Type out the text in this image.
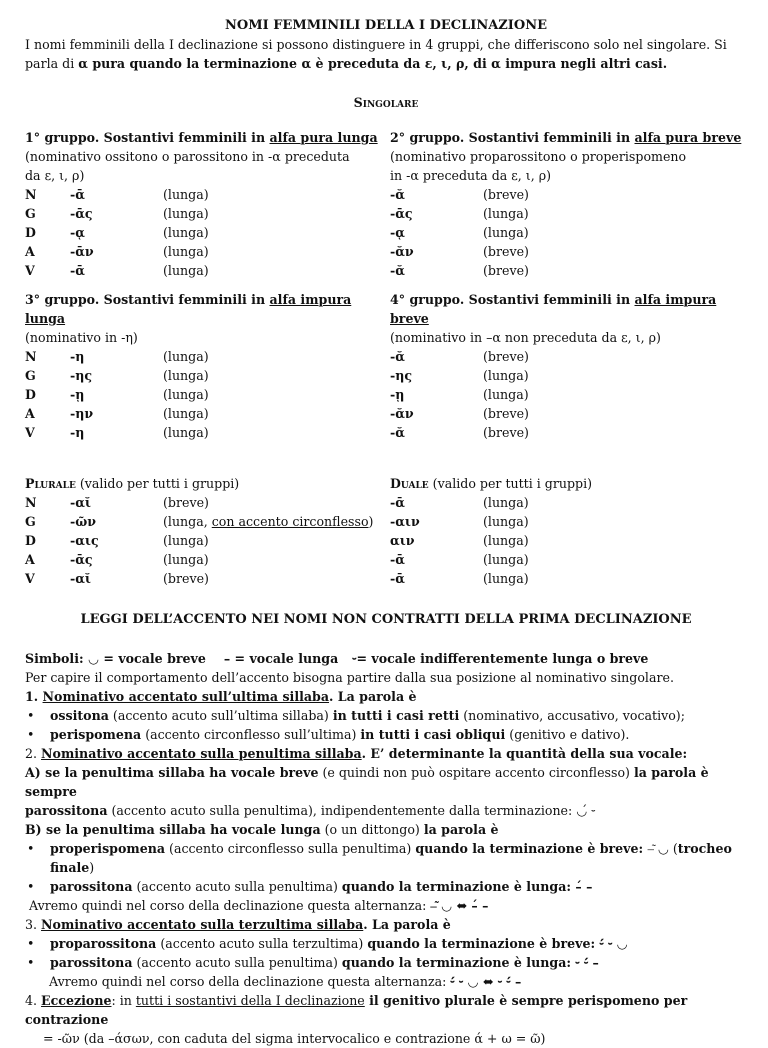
NOMI FEMMINILI DELLA I DECLINAZIONE

I nomi femminili della I declinazione si possono distinguere in 4 gruppi, che differiscono solo nel singolare. Si

parla di α pura quando la terminazione α è preceduta da ε, ι, ρ, di α impura negli altri casi.

Singolare
1° gruppo. Sostantivi femminili in alfa pura lunga
(nominativo ossitono o parossitono in -α preceduta
da ε, ι, ρ)
N	-ᾱ	(lunga)
G	-ᾱς	(lunga)
D	-ᾳ	(lunga)
A	-ᾱν	(lunga)
V	-ᾱ	(lunga)
2° gruppo. Sostantivi femminili in alfa pura breve
(nominativo proparossitono o properispomeno
in -α preceduta da ε, ι, ρ)
-ᾰ	(breve)
-ᾱς	(lunga)
-ᾳ	(lunga)
-ᾰν	(breve)
-ᾰ	(breve)
3° gruppo. Sostantivi femminili in alfa impura lunga
(nominativo in -η)
N	-η	(lunga)
G	-ης	(lunga)
D	-ῃ	(lunga)
A	-ην	(lunga)
V	-η	(lunga)
4° gruppo. Sostantivi femminili in alfa impura breve
(nominativo in –α non preceduta da ε, ι, ρ)
-ᾰ	(breve)
-ης	(lunga)
-ῃ	(lunga)
-ᾰν	(breve)
-ᾰ	(breve)
Plurale (valido per tutti i gruppi)
N	-αῐ	(breve)
G	-ῶν	(lunga, con accento circonflesso)
D	-αις	(lunga)
A	-ᾱς	(lunga)
V	-αῐ	(breve)
Duale (valido per tutti i gruppi)
-ᾱ	(lunga)
-αιν	(lunga)
αιν	(lunga)
-ᾱ	(lunga)
-ᾱ	(lunga)
LEGGI DELL’ACCENTO NEI NOMI NON CONTRATTI DELLA PRIMA DECLINAZIONE
Simboli: ◡ = vocale breve – = vocale lunga ⏑= vocale indifferentemente lunga o breve
Per capire il comportamento dell’accento bisogna partire dalla sua posizione al nominativo singolare.
1. Nominativo accentato sull’ultima sillaba. La parola è
•	ossitona (accento acuto sull’ultima sillaba) in tutti i casi retti (nominativo, accusativo, vocativo);
•	perispomena (accento circonflesso sull’ultima) in tutti i casi obliqui (genitivo e dativo).
2. Nominativo accentato sulla penultima sillaba. E’ determinante la quantità della sua vocale:
A) se la penultima sillaba ha vocale breve (e quindi non può ospitare accento circonflesso) la parola è sempre
parossitona (accento acuto sulla penultima), indipendentemente dalla terminazione: ◡́ ⏑
B) se la penultima sillaba ha vocale lunga (o un dittongo) la parola è
•	properispomena (accento circonflesso sulla penultima) quando la terminazione è breve: –͂ ◡ (trocheo finale)
•	parossitona (accento acuto sulla penultima) quando la terminazione è lunga: –́ –
Avremo quindi nel corso della declinazione questa alternanza: –͂ ◡ ⬌ –́ –
3. Nominativo accentato sulla terzultima sillaba. La parola è
•	proparossitona (accento acuto sulla terzultima) quando la terminazione è breve: ⏑́ ⏑ ◡
•	parossitona (accento acuto sulla penultima) quando la terminazione è lunga: ⏑ ⏑́ –
Avremo quindi nel corso della declinazione questa alternanza: ⏑́ ⏑ ◡ ⬌ ⏑ ⏑́ –
4. Eccezione: in tutti i sostantivi della I declinazione il genitivo plurale è sempre perispomeno per contrazione
= -ῶν (da –άσων, con caduta del sigma intervocalico e contrazione ά + ω = ῶ)
